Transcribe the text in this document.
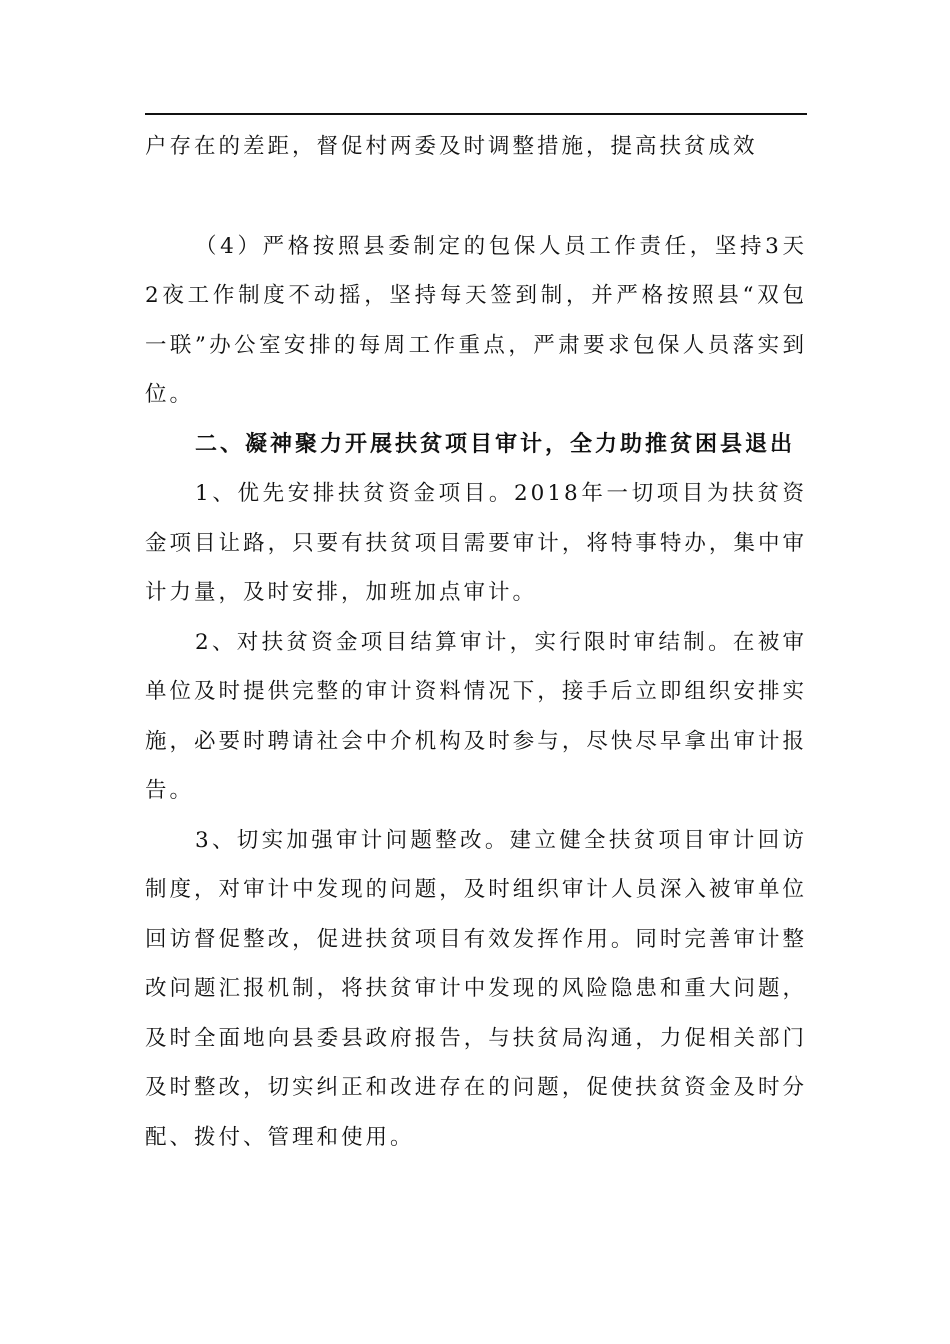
户存在的差距，督促村两委及时调整措施，提高扶贫成效

（4）严格按照县委制定的包保人员工作责任，坚持3天2夜工作制度不动摇，坚持每天签到制，并严格按照县“双包一联”办公室安排的每周工作重点，严肃要求包保人员落实到位。

二、凝神聚力开展扶贫项目审计，全力助推贫困县退出

1、优先安排扶贫资金项目。2018年一切项目为扶贫资金项目让路，只要有扶贫项目需要审计，将特事特办，集中审计力量，及时安排，加班加点审计。

2、对扶贫资金项目结算审计，实行限时审结制。在被审单位及时提供完整的审计资料情况下，接手后立即组织安排实施，必要时聘请社会中介机构及时参与，尽快尽早拿出审计报告。

3、切实加强审计问题整改。建立健全扶贫项目审计回访制度，对审计中发现的问题，及时组织审计人员深入被审单位回访督促整改，促进扶贫项目有效发挥作用。同时完善审计整改问题汇报机制，将扶贫审计中发现的风险隐患和重大问题，及时全面地向县委县政府报告，与扶贫局沟通，力促相关部门及时整改，切实纠正和改进存在的问题，促使扶贫资金及时分配、拨付、管理和使用。
